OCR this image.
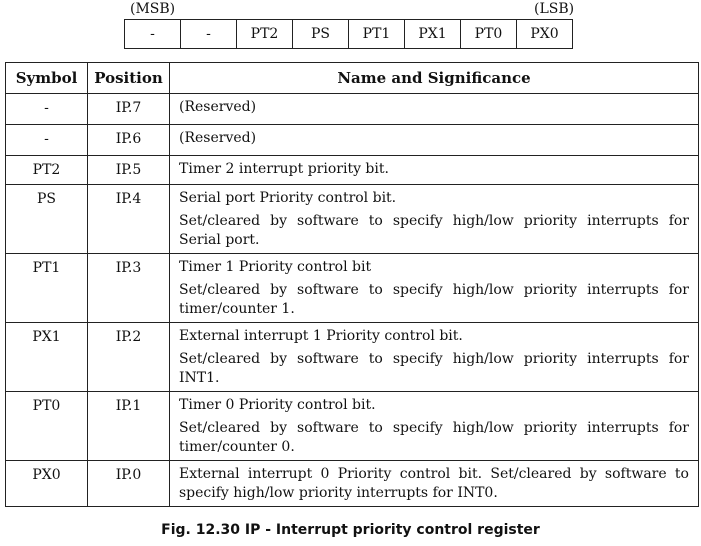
(MSB)	(LSB)
-	-	PT2	PS	PT1	PX1	PT0	PX0
Symbol	Position	Name and Significance
-	IP.7	(Reserved)

-	IP.6	(Reserved)

PT2	IP.5	Timer 2 interrupt priority bit.

PS	IP.4	Serial port Priority control bit.

Set/cleared by software to specify high/low priority interrupts for Serial port.

PT1	IP.3	Timer 1 Priority control bit

Set/cleared by software to specify high/low priority interrupts for timer/counter 1.

PX1	IP.2	External interrupt 1 Priority control bit.

Set/cleared by software to specify high/low priority interrupts for INT1.

PT0	IP.1	Timer 0 Priority control bit.

Set/cleared by software to specify high/low priority interrupts for timer/counter 0.

PX0	IP.0	External interrupt 0 Priority control bit. Set/cleared by software to specify high/low priority interrupts for INT0.

Fig. 12.30 IP - Interrupt priority control register
